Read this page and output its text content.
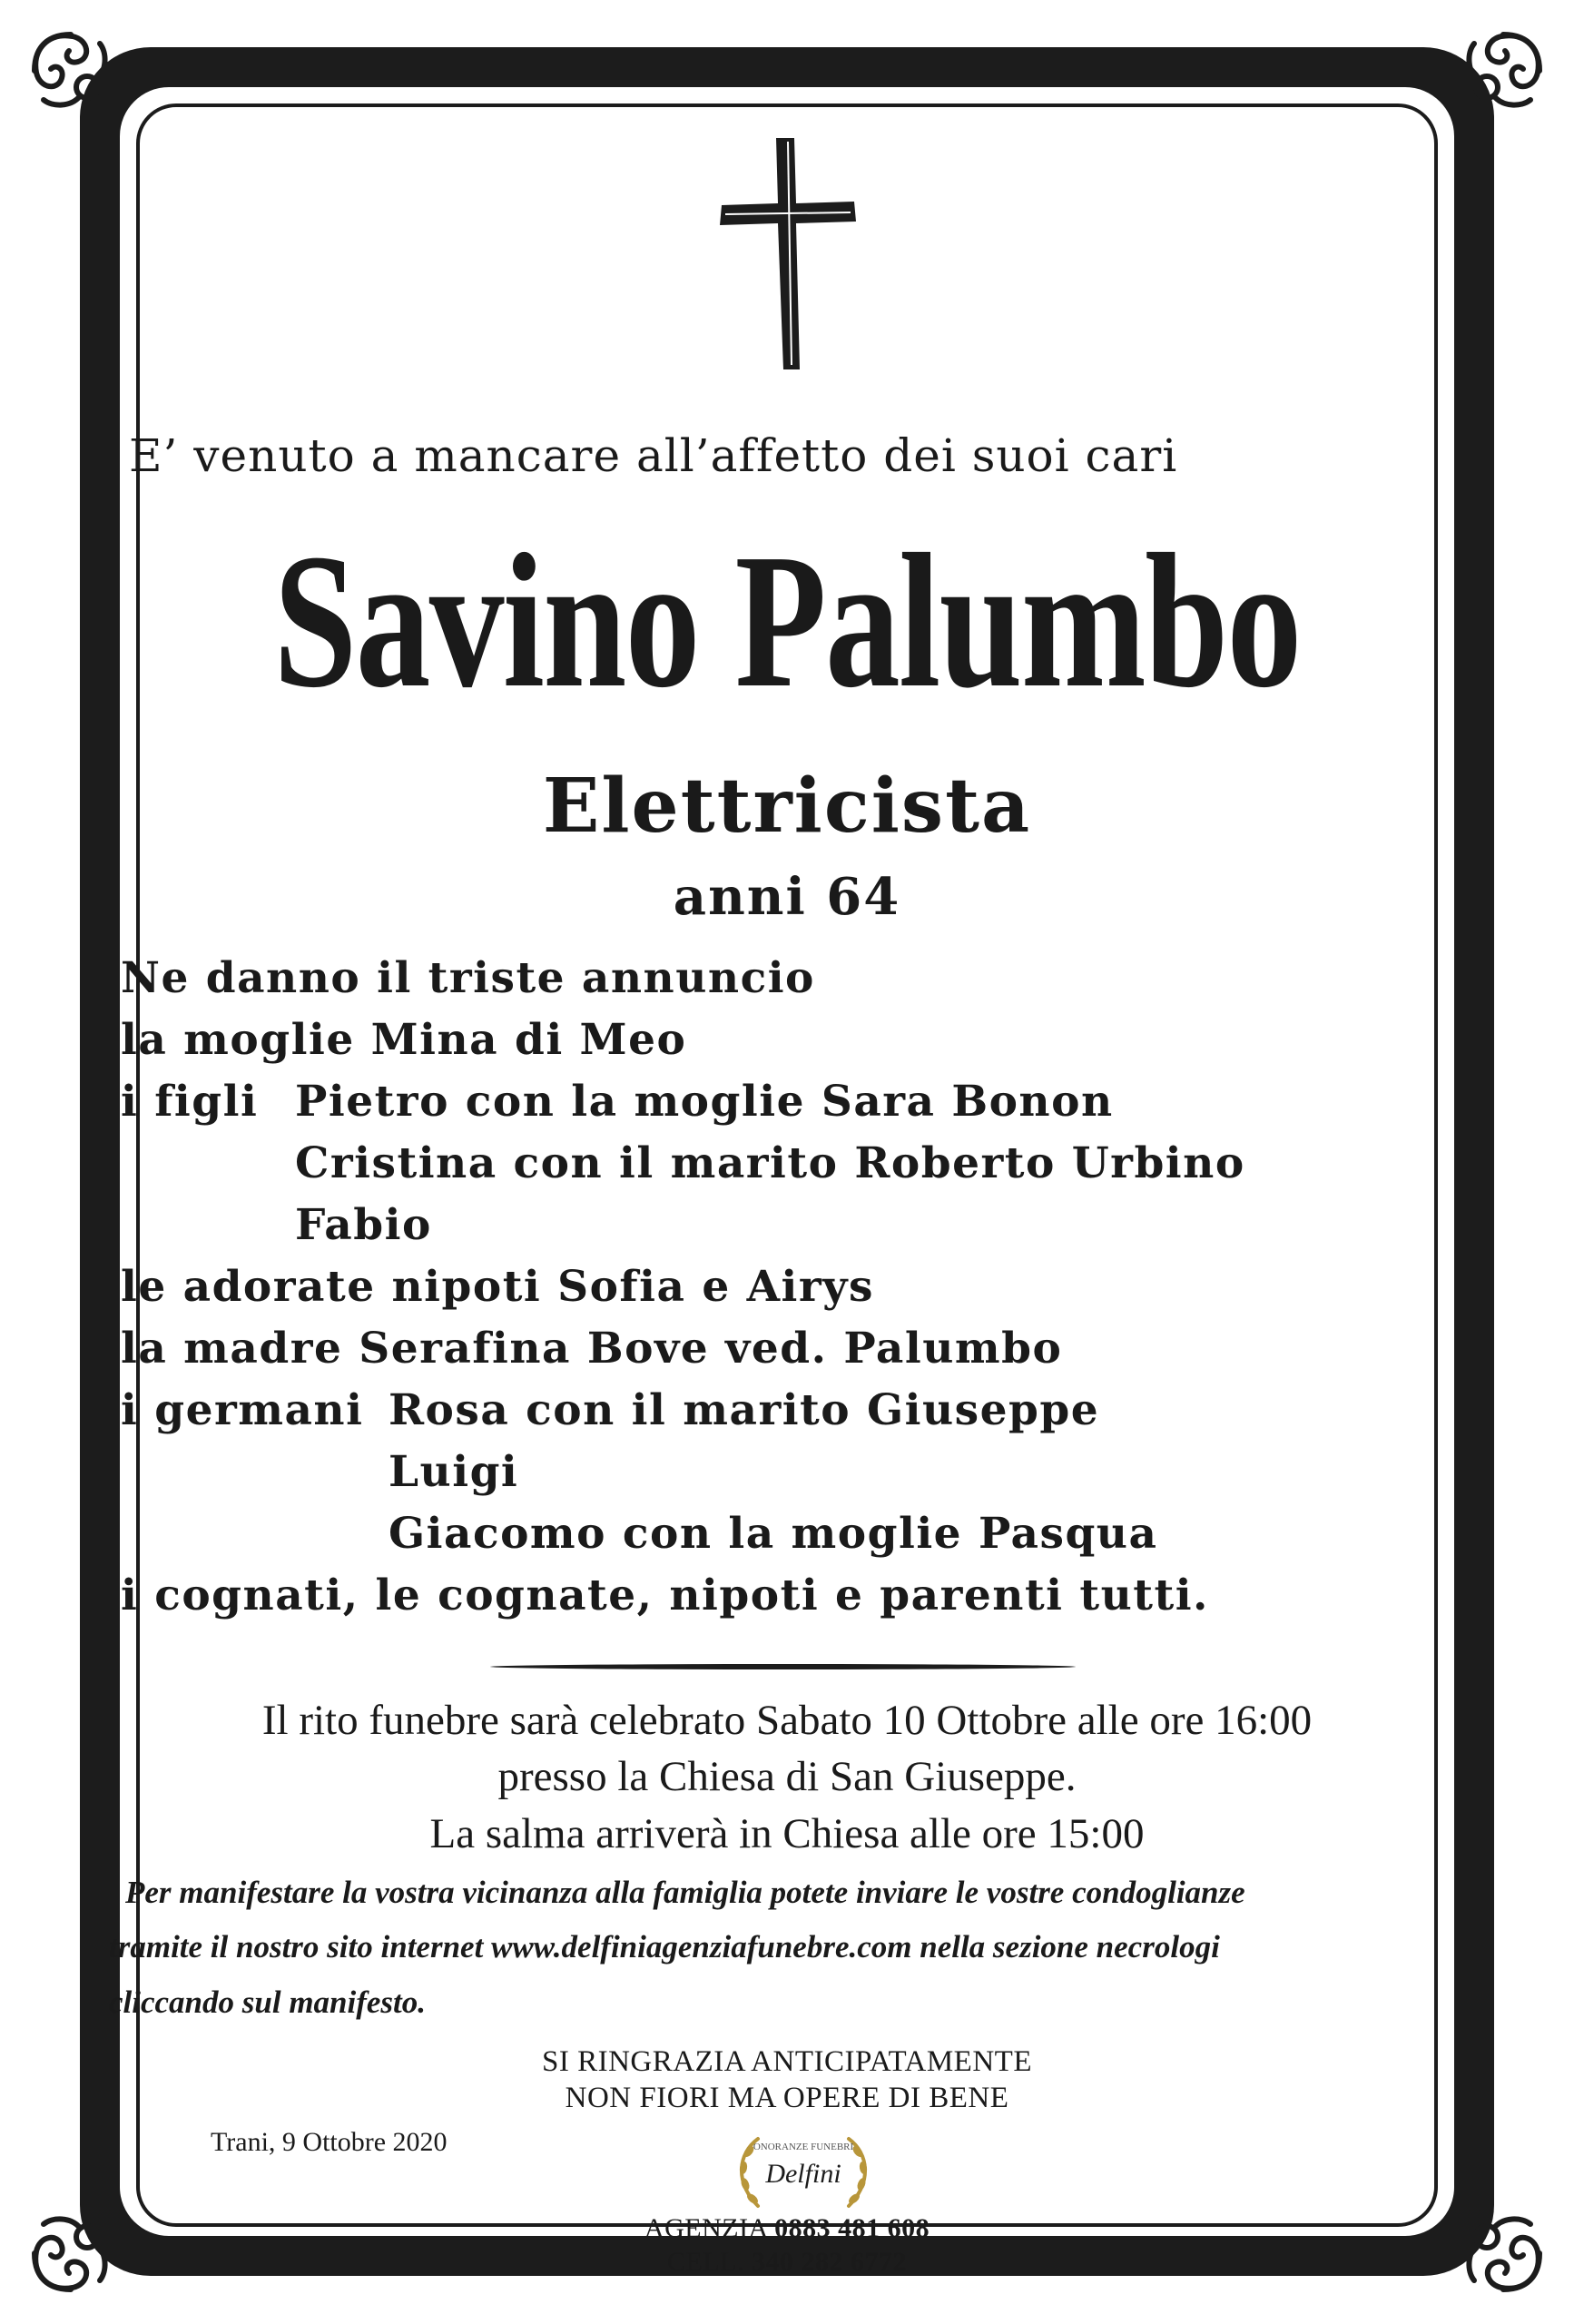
E’ venuto a mancare all’affetto dei suoi cari
Savino Palumbo
Elettricista
anni 64
Ne danno il triste annuncio
la moglie Mina di Meo
i figli Pietro con la moglie Sara Bonon
Cristina con il marito Roberto Urbino
Fabio
le adorate nipoti Sofia e Airys
la madre Serafina Bove ved. Palumbo
i germani Rosa con il marito Giuseppe
Luigi
Giacomo con la moglie Pasqua
i cognati, le cognate, nipoti e parenti tutti.
Il rito funebre sarà celebrato Sabato 10 Ottobre alle ore 16:00
presso la Chiesa di San Giuseppe.
La salma arriverà in Chiesa alle ore 15:00
Per manifestare la vostra vicinanza alla famiglia potete inviare le vostre condoglianze
tramite il nostro sito internet www.delfiniagenziafunebre.com nella sezione necrologi
cliccando sul manifesto.
SI RINGRAZIA ANTICIPATAMENTE
NON FIORI MA OPERE DI BENE
Trani, 9 Ottobre 2020	ONORANZE FUNEBRI
Delfini
AGENZIA 0883 481 608
CELL. 340 282 6772
